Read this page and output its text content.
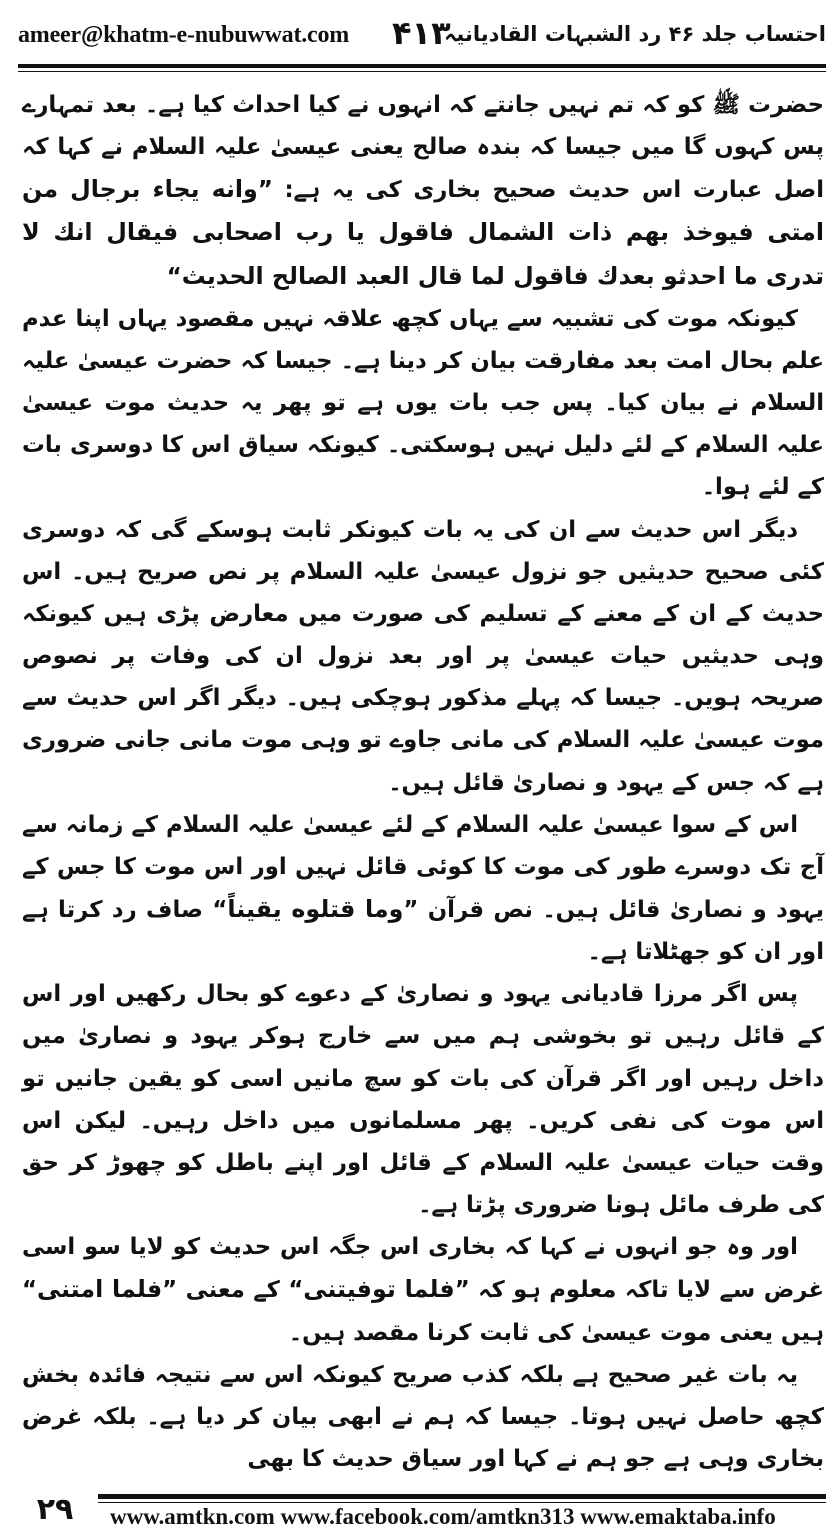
ameer@khatm-e-nubuwwat.com ۴۱۳
احتساب جلد ۴۶ رد الشبہات القادیانیہ

حضرت ﷺ کو کہ تم نہیں جانتے کہ انہوں نے کیا احداث کیا ہے۔ بعد تمہارے پس کہوں گا میں جیسا کہ بندہ صالح یعنی عیسیٰ علیہ السلام نے کہا کہ اصل عبارت اس حدیث صحیح بخاری کی یہ ہے: ”وانه يجاء برجال من امتى فيوخذ بهم ذات الشمال فاقول يا رب اصحابى فيقال انك لا تدرى ما احدثو بعدك فاقول لما قال العبد الصالح الحديث“

کیونکہ موت کی تشبیہ سے یہاں کچھ علاقہ نہیں مقصود یہاں اپنا عدم علم بحال امت بعد مفارقت بیان کر دینا ہے۔ جیسا کہ حضرت عیسیٰ علیہ السلام نے بیان کیا۔ پس جب بات یوں ہے تو پھر یہ حدیث موت عیسیٰ علیہ السلام کے لئے دلیل نہیں ہوسکتی۔ کیونکہ سیاق اس کا دوسری بات کے لئے ہوا۔

دیگر اس حدیث سے ان کی یہ بات کیونکر ثابت ہوسکے گی کہ دوسری کئی صحیح حدیثیں جو نزول عیسیٰ علیہ السلام پر نص صریح ہیں۔ اس حدیث کے ان کے معنے کے تسلیم کی صورت میں معارض پڑی ہیں کیونکہ وہی حدیثیں حیات عیسیٰ پر اور بعد نزول ان کی وفات پر نصوص صریحہ ہویں۔ جیسا کہ پہلے مذکور ہوچکی ہیں۔ دیگر اگر اس حدیث سے موت عیسیٰ علیہ السلام کی مانی جاوے تو وہی موت مانی جانی ضروری ہے کہ جس کے یہود و نصاریٰ قائل ہیں۔

اس کے سوا عیسیٰ علیہ السلام کے لئے عیسیٰ علیہ السلام کے زمانہ سے آج تک دوسرے طور کی موت کا کوئی قائل نہیں اور اس موت کا جس کے یہود و نصاریٰ قائل ہیں۔ نص قرآن ”وما قتلوه يقيناً“ صاف رد کرتا ہے اور ان کو جھٹلاتا ہے۔

پس اگر مرزا قادیانی یہود و نصاریٰ کے دعوے کو بحال رکھیں اور اس کے قائل رہیں تو بخوشی ہم میں سے خارج ہوکر یہود و نصاریٰ میں داخل رہیں اور اگر قرآن کی بات کو سچ مانیں اسی کو یقین جانیں تو اس موت کی نفی کریں۔ پھر مسلمانوں میں داخل رہیں۔ لیکن اس وقت حیات عیسیٰ علیہ السلام کے قائل اور اپنے باطل کو چھوڑ کر حق کی طرف مائل ہونا ضروری پڑتا ہے۔

اور وہ جو انہوں نے کہا کہ بخاری اس جگہ اس حدیث کو لایا سو اسی غرض سے لایا تاکہ معلوم ہو کہ ”فلما توفيتنى“ کے معنی ”فلما امتنى“ ہیں یعنی موت عیسیٰ کی ثابت کرنا مقصد ہیں۔

یہ بات غیر صحیح ہے بلکہ کذب صریح کیونکہ اس سے نتیجہ فائدہ بخش کچھ حاصل نہیں ہوتا۔ جیسا کہ ہم نے ابھی بیان کر دیا ہے۔ بلکہ غرض بخاری وہی ہے جو ہم نے کہا اور سیاق حدیث کا بھی

۲۹	www.amtkn.com www.facebook.com/amtkn313 www.emaktaba.info
